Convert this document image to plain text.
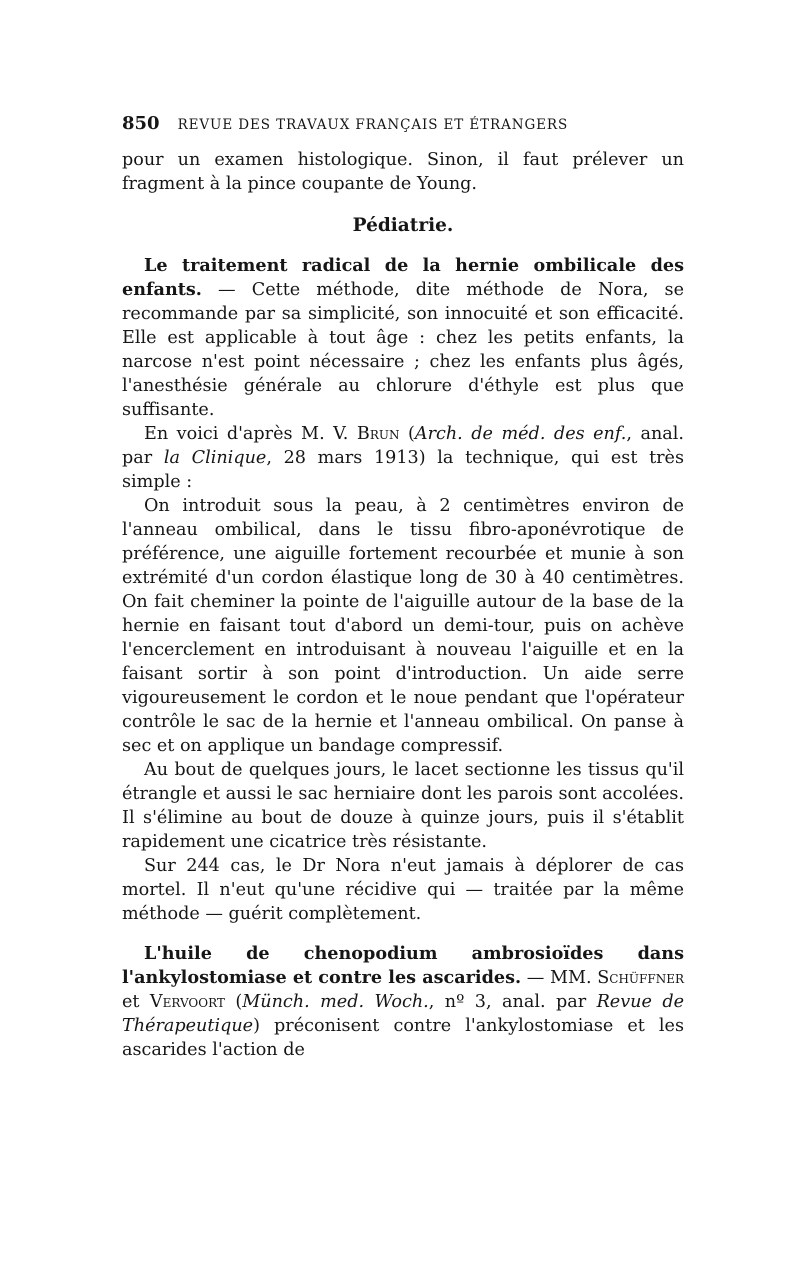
850 REVUE DES TRAVAUX FRANÇAIS ET ÉTRANGERS

pour un examen histologique. Sinon, il faut prélever un fragment à la pince coupante de Young.

Pédiatrie.

Le traitement radical de la hernie ombilicale des enfants. — Cette méthode, dite méthode de Nora, se recommande par sa simplicité, son innocuité et son efficacité. Elle est applicable à tout âge : chez les petits enfants, la narcose n'est point nécessaire ; chez les enfants plus âgés, l'anesthésie générale au chlorure d'éthyle est plus que suffisante.

En voici d'après M. V. Brun (Arch. de méd. des enf., anal. par la Clinique, 28 mars 1913) la technique, qui est très simple :

On introduit sous la peau, à 2 centimètres environ de l'anneau ombilical, dans le tissu fibro-aponévrotique de préférence, une aiguille fortement recourbée et munie à son extrémité d'un cordon élastique long de 30 à 40 centimètres. On fait cheminer la pointe de l'aiguille autour de la base de la hernie en faisant tout d'abord un demi-tour, puis on achève l'encerclement en introduisant à nouveau l'aiguille et en la faisant sortir à son point d'introduction. Un aide serre vigoureusement le cordon et le noue pendant que l'opérateur contrôle le sac de la hernie et l'anneau ombilical. On panse à sec et on applique un bandage compressif.

Au bout de quelques jours, le lacet sectionne les tissus qu'il étrangle et aussi le sac herniaire dont les parois sont accolées. Il s'élimine au bout de douze à quinze jours, puis il s'établit rapidement une cicatrice très résistante.

Sur 244 cas, le Dr Nora n'eut jamais à déplorer de cas mortel. Il n'eut qu'une récidive qui — traitée par la même méthode — guérit complètement.

L'huile de chenopodium ambrosioïdes dans l'ankylostomiase et contre les ascarides. — MM. Schüffner et Vervoort (Münch. med. Woch., nº 3, anal. par Revue de Thérapeutique) préconisent contre l'ankylostomiase et les ascarides l'action de
